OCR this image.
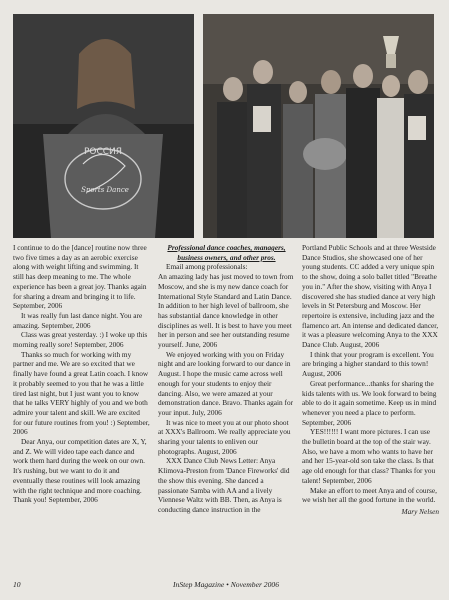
РОССИЯ
Sports Dance

I continue to do the [dance] routine now three two five times a day as an aerobic exercise along with weight lifting and swimming. It still has deep meaning to me. The whole experience has been a great joy. Thanks again for sharing a dream and bringing it to life. September, 2006

It was really fun last dance night. You are amazing. September, 2006

Class was great yesterday. :) I woke up this morning really sore! September, 2006

Thanks so much for working with my partner and me. We are so excited that we finally have found a great Latin coach. I know it probably seemed to you that he was a little tired last night, but I just want you to know that he talks VERY highly of you and we both admire your talent and skill. We are excited for our future routines from you! :) September, 2006

Dear Anya, our competition dates are X, Y, and Z. We will video tape each dance and work them hard during the week on our own. It's rushing, but we want to do it and eventually these routines will look amazing with the right technique and more coaching. Thank you! September, 2006

Professional dance coaches, managers, business owners, and other pros.

Email among professionals:

An amazing lady has just moved to town from Moscow, and she is my new dance coach for International Style Standard and Latin Dance. In addition to her high level of ballroom, she has substantial dance knowledge in other disciplines as well. It is best to have you meet her in person and see her outstanding resume yourself. June, 2006

We enjoyed working with you on Friday night and are looking forward to our dance in August. I hope the music came across well enough for your students to enjoy their dancing. Also, we were amazed at your demonstration dance. Bravo. Thanks again for your input. July, 2006

It was nice to meet you at our photo shoot at XXX's Ballroom. We really appreciate you sharing your talents to enliven our photographs. August, 2006

XXX Dance Club News Letter: Anya Klimova-Preston from 'Dance Fireworks' did the show this evening. She danced a passionate Samba with AA and a lively Viennese Waltz with BB. Then, as Anya is conducting dance instruction in the

Portland Public Schools and at three Westside Dance Studios, she showcased one of her young students. CC added a very unique spin to the show, doing a solo ballet titled "Breathe you in." After the show, visiting with Anya I discovered she has studied dance at very high levels in St Petersburg and Moscow. Her repertoire is extensive, including jazz and the flamenco art. An intense and dedicated dancer, it was a pleasure welcoming Anya to the XXX Dance Club. August, 2006

I think that your program is excellent. You are bringing a higher standard to this town! August, 2006

Great performance...thanks for sharing the kids talents with us. We look forward to being able to do it again sometime. Keep us in mind whenever you need a place to perform. September, 2006

YES!!!!!! I want more pictures. I can use the bulletin board at the top of the stair way. Also, we have a mom who wants to have her and her 15-year-old son take the class. Is that age old enough for that class? Thanks for you talent! September, 2006

Make an effort to meet Anya and of course, we wish her all the good fortune in the world.

Mary Nelsen

10	InStep Magazine • November 2006
